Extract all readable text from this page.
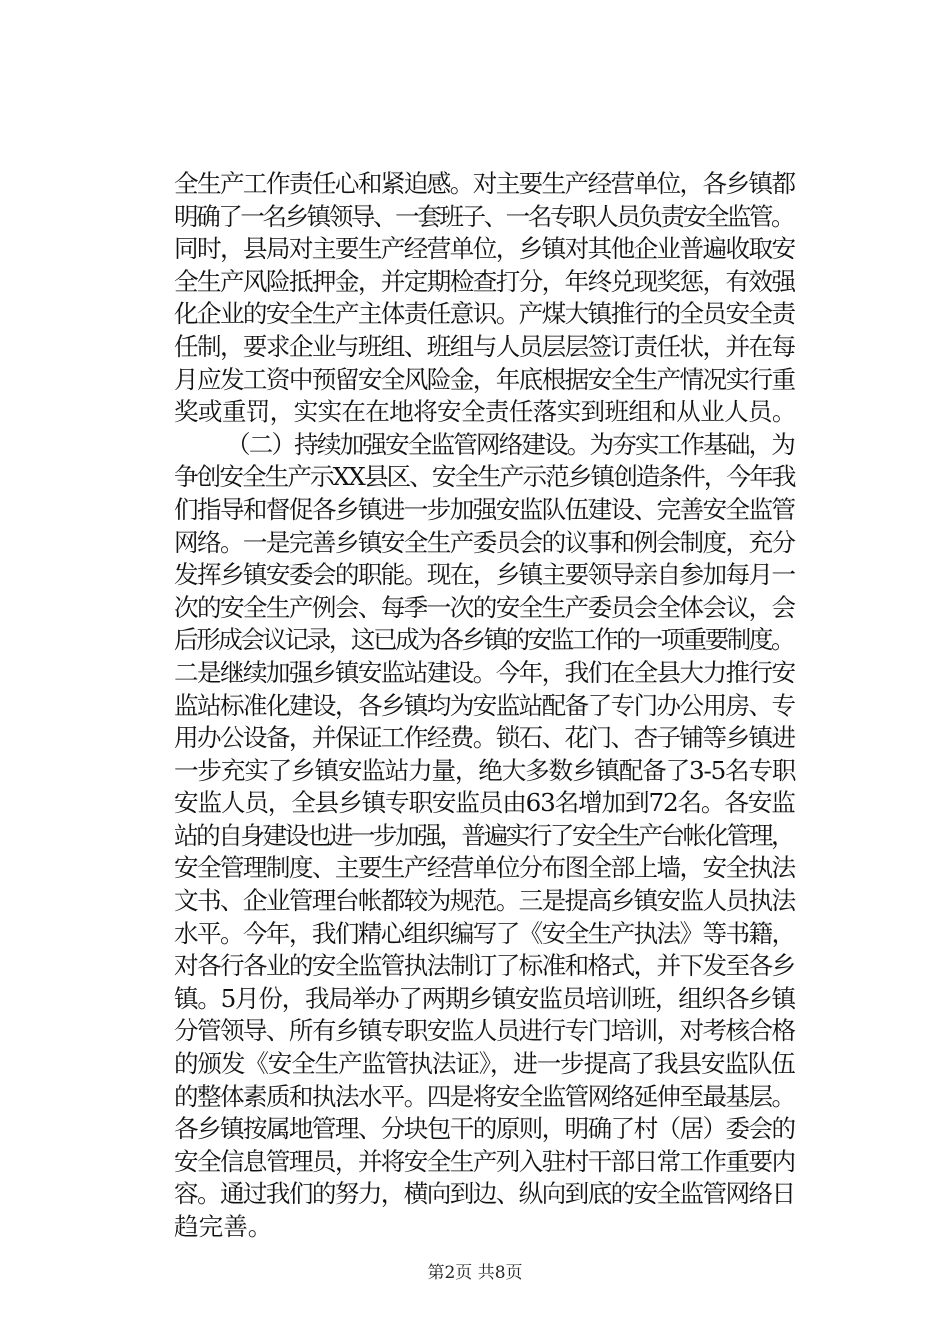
全生产工作责任心和紧迫感。对主要生产经营单位，各乡镇都
明确了一名乡镇领导、一套班子、一名专职人员负责安全监管。
同时，县局对主要生产经营单位，乡镇对其他企业普遍收取安
全生产风险抵押金，并定期检查打分，年终兑现奖惩，有效强
化企业的安全生产主体责任意识。产煤大镇推行的全员安全责
任制，要求企业与班组、班组与人员层层签订责任状，并在每
月应发工资中预留安全风险金，年底根据安全生产情况实行重
奖或重罚，实实在在地将安全责任落实到班组和从业人员。
（二）持续加强安全监管网络建设。为夯实工作基础，为
争创安全生产示XX县区、安全生产示范乡镇创造条件，今年我
们指导和督促各乡镇进一步加强安监队伍建设、完善安全监管
网络。一是完善乡镇安全生产委员会的议事和例会制度，充分
发挥乡镇安委会的职能。现在，乡镇主要领导亲自参加每月一
次的安全生产例会、每季一次的安全生产委员会全体会议，会
后形成会议记录，这已成为各乡镇的安监工作的一项重要制度。
二是继续加强乡镇安监站建设。今年，我们在全县大力推行安
监站标准化建设，各乡镇均为安监站配备了专门办公用房、专
用办公设备，并保证工作经费。锁石、花门、杏子铺等乡镇进
一步充实了乡镇安监站力量，绝大多数乡镇配备了3-5名专职
安监人员，全县乡镇专职安监员由63名增加到72名。各安监
站的自身建设也进一步加强，普遍实行了安全生产台帐化管理，
安全管理制度、主要生产经营单位分布图全部上墙，安全执法
文书、企业管理台帐都较为规范。三是提高乡镇安监人员执法
水平。今年，我们精心组织编写了《安全生产执法》等书籍，
对各行各业的安全监管执法制订了标准和格式，并下发至各乡
镇。5月份，我局举办了两期乡镇安监员培训班，组织各乡镇
分管领导、所有乡镇专职安监人员进行专门培训，对考核合格
的颁发《安全生产监管执法证》，进一步提高了我县安监队伍
的整体素质和执法水平。四是将安全监管网络延伸至最基层。
各乡镇按属地管理、分块包干的原则，明确了村（居）委会的
安全信息管理员，并将安全生产列入驻村干部日常工作重要内
容。通过我们的努力，横向到边、纵向到底的安全监管网络日
趋完善。
第2页 共8页
